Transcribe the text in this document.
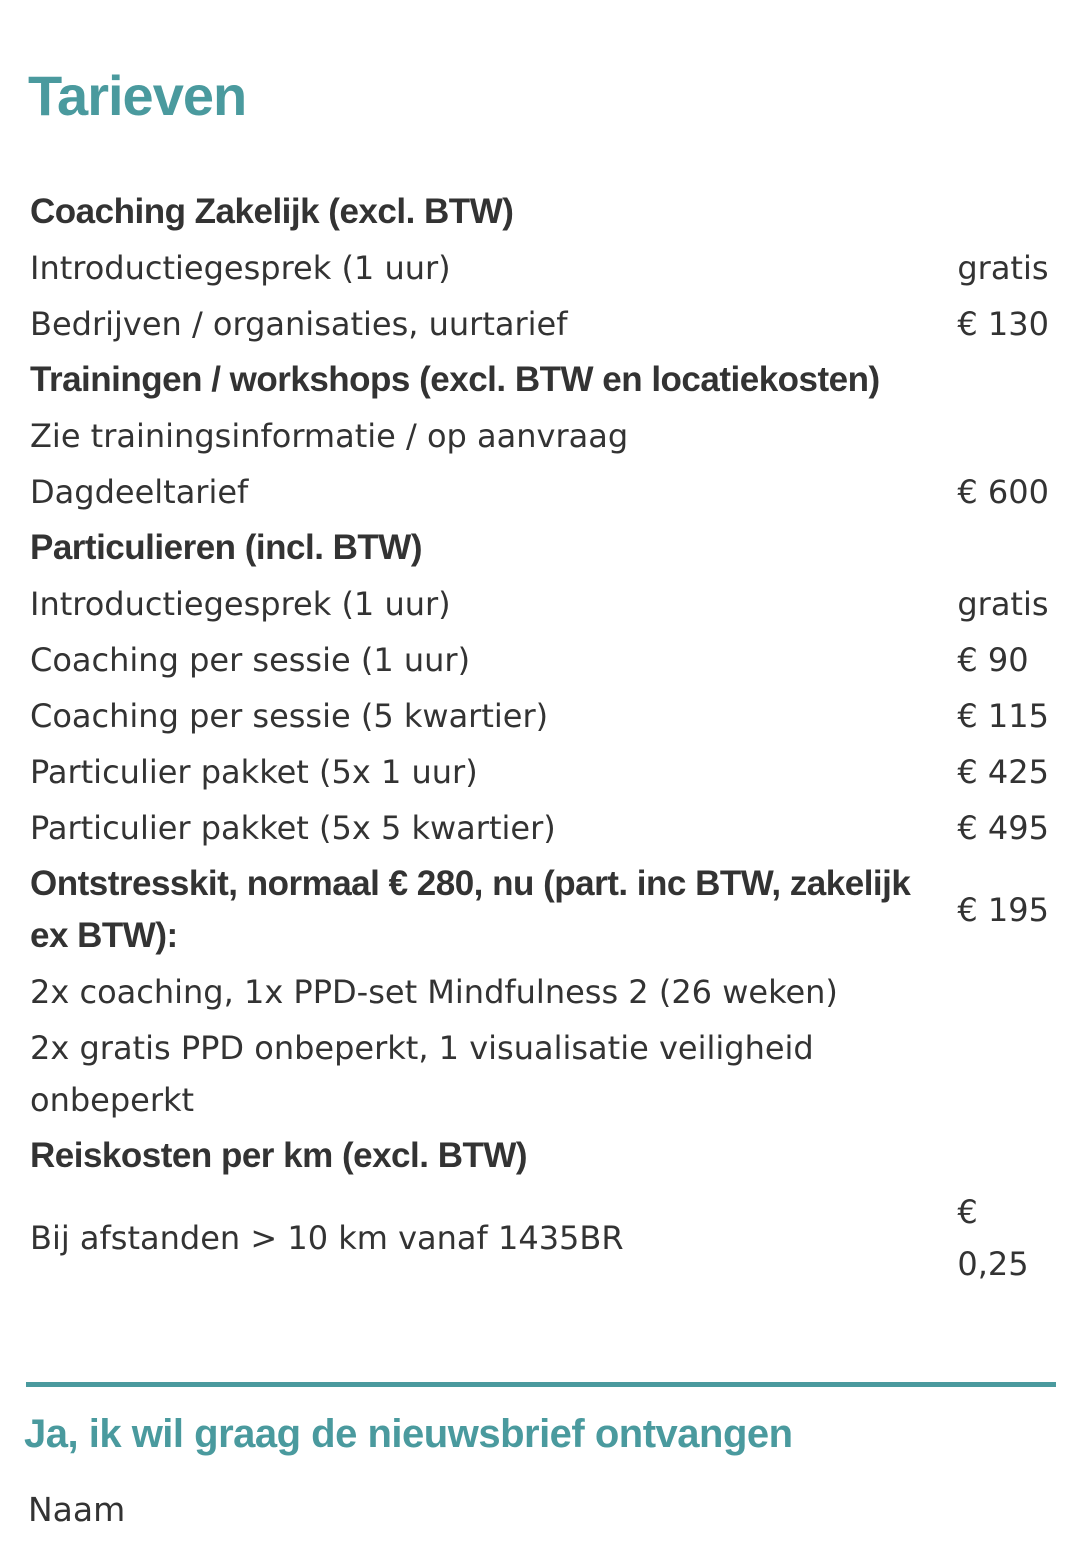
Tarieven
Coaching Zakelijk (excl. BTW)	
Introductiegesprek (1 uur)	gratis
Bedrijven / organisaties, uurtarief	€ 130
Trainingen / workshops (excl. BTW en locatiekosten)	
Zie trainingsinformatie / op aanvraag	
Dagdeeltarief	€ 600
Particulieren (incl. BTW)	
Introductiegesprek (1 uur)	gratis
Coaching per sessie (1 uur)	€ 90
Coaching per sessie (5 kwartier)	€ 115
Particulier pakket (5x 1 uur)	€ 425
Particulier pakket (5x 5 kwartier)	€ 495
Ontstresskit, normaal € 280, nu (part. inc BTW, zakelijk ex BTW):	€ 195
2x coaching, 1x PPD-set Mindfulness 2 (26 weken)	
2x gratis PPD onbeperkt, 1 visualisatie veiligheid onbeperkt	
Reiskosten per km (excl. BTW)	
Bij afstanden > 10 km vanaf 1435BR	€ 0,25
Ja, ik wil graag de nieuwsbrief ontvangen
Naam
